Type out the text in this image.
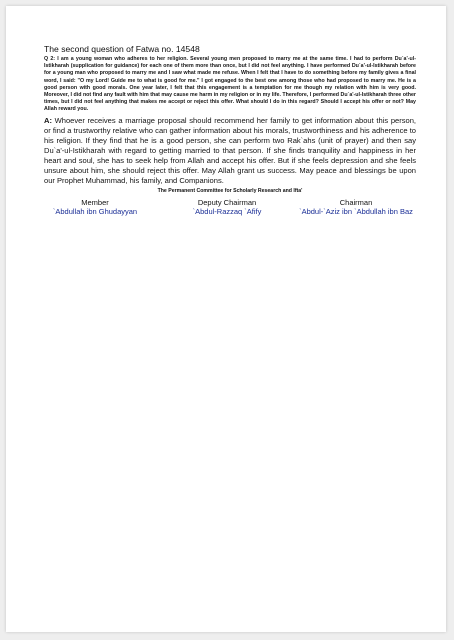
The second question of Fatwa no. 14548

Q 2: I am a young woman who adheres to her religion. Several young men proposed to marry me at the same time. I had to perform Du`a'-ul-Istikharah (supplication for guidance) for each one of them more than once, but I did not feel anything. I have performed Du`a'-ul-Istikharah before for a young man who proposed to marry me and I saw what made me refuse. When I felt that I have to do something before my family gives a final word, I said: "O my Lord! Guide me to what is good for me." I got engaged to the best one among those who had proposed to marry me. He is a good person with good morals. One year later, I felt that this engagement is a temptation for me though my relation with him is very good. Moreover, I did not find any fault with him that may cause me harm in my religion or in my life. Therefore, I performed Du`a'-ul-Istikharah three other times, but I did not feel anything that makes me accept or reject this offer. What should I do in this regard? Should I accept his offer or not? May Allah reward you.

A: Whoever receives a marriage proposal should recommend her family to get information about this person, or find a trustworthy relative who can gather information about his morals, trustworthiness and his adherence to his religion. If they find that he is a good person, she can perform two Rak`ahs (unit of prayer) and then say Du`a'-ul-Istikharah with regard to getting married to that person. If she finds tranquility and happiness in her heart and soul, she has to seek help from Allah and accept his offer. But if she feels depression and she feels unsure about him, she should reject this offer. May Allah grant us success. May peace and blessings be upon our Prophet Muhammad, his family, and Companions.

The Permanent Committee for Scholarly Research and Ifta'
Member
`Abdullah ibn Ghudayyan
Deputy Chairman
`Abdul-Razzaq `Afify
Chairman
`Abdul-`Aziz ibn `Abdullah ibn Baz
